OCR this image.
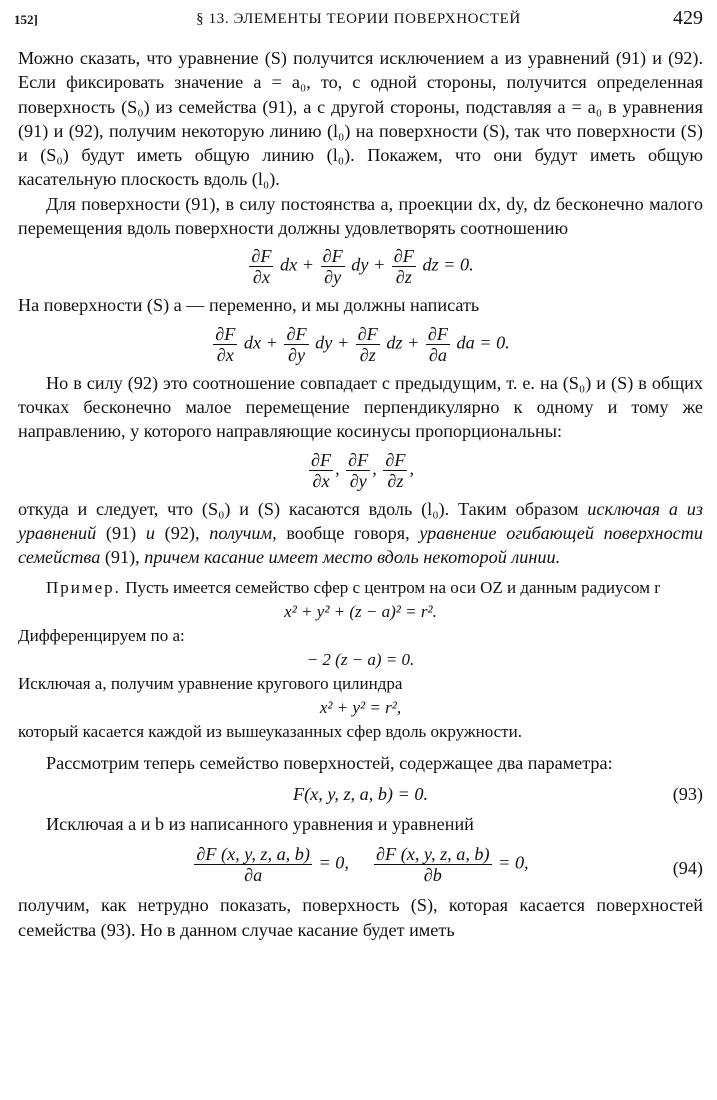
152]	§ 13. ЭЛЕМЕНТЫ ТЕОРИИ ПОВЕРХНОСТЕЙ	429

Можно сказать, что уравнение (S) получится исключением a из уравнений (91) и (92). Если фиксировать значение a = a₀, то, с одной стороны, получится определенная поверхность (S₀) из семейства (91), а с другой стороны, подставляя a = a₀ в уравнения (91) и (92), получим некоторую линию (l₀) на поверхности (S), так что поверхности (S) и (S₀) будут иметь общую линию (l₀). Покажем, что они будут иметь общую касательную плоскость вдоль (l₀).

Для поверхности (91), в силу постоянства a, проекции dx, dy, dz бесконечно малого перемещения вдоль поверхности должны удовлетворять соотношению

$\frac{\partial F}{\partial x}$ dx + $\frac{\partial F}{\partial y}$ dy + $\frac{\partial F}{\partial z}$ dz = 0.

На поверхности (S) a — переменно, и мы должны написать

$\frac{\partial F}{\partial x}$ dx + $\frac{\partial F}{\partial y}$ dy + $\frac{\partial F}{\partial z}$ dz + $\frac{\partial F}{\partial a}$ da = 0.

Но в силу (92) это соотношение совпадает с предыдущим, т. е. на (S₀) и (S) в общих точках бесконечно малое перемещение перпендикулярно к одному и тому же направлению, у которого направляющие косинусы пропорциональны:

$\frac{\partial F}{\partial x}$ , $\frac{\partial F}{\partial y}$ , $\frac{\partial F}{\partial z}$ ,

откуда и следует, что (S₀) и (S) касаются вдоль (l₀). Таким образом исключая a из уравнений (91) и (92), получим, вообще говоря, уравнение огибающей поверхности семейства (91), причем касание имеет место вдоль некоторой линии.

Пример. Пусть имеется семейство сфер с центром на оси OZ и данным радиусом r

x² + y² + (z − a)² = r².

Дифференцируем по a:

− 2 (z − a) = 0.

Исключая a, получим уравнение кругового цилиндра

x² + y² = r²,

который касается каждой из вышеуказанных сфер вдоль окружности.

Рассмотрим теперь семейство поверхностей, содержащее два параметра:

F(x, y, z, a, b) = 0.	(93)

Исключая a и b из написанного уравнения и уравнений

$\frac{\partial F (x, y, z, a, b)}{\partial a} = 0$, $\frac{\partial F (x, y, z, a, b)}{\partial b} = 0$,	(94)

получим, как нетрудно показать, поверхность (S), которая касается поверхностей семейства (93). Но в данном случае касание будет иметь
